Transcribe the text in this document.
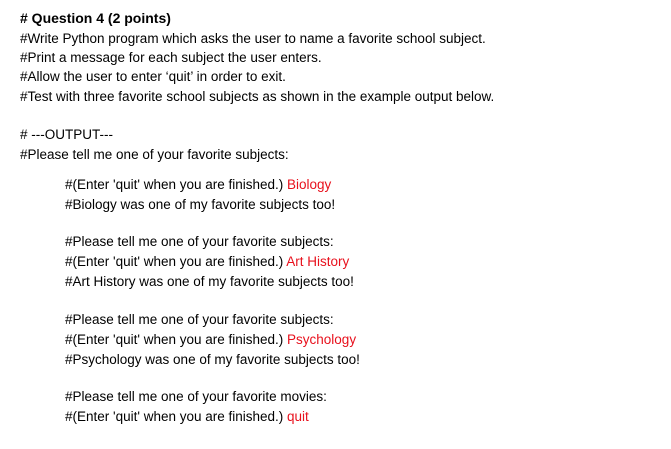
# Question 4 (2 points)
#Write Python program which asks the user to name a favorite school subject.
#Print a message for each subject the user enters.
#Allow the user to enter ‘quit’ in order to exit.
#Test with three favorite school subjects as shown in the example output below.
# ---OUTPUT---
#Please tell me one of your favorite subjects:
#(Enter 'quit' when you are finished.) Biology
#Biology was one of my favorite subjects too!
#Please tell me one of your favorite subjects:
#(Enter 'quit' when you are finished.) Art History
#Art History was one of my favorite subjects too!
#Please tell me one of your favorite subjects:
#(Enter 'quit' when you are finished.) Psychology
#Psychology was one of my favorite subjects too!
#Please tell me one of your favorite movies:
#(Enter 'quit' when you are finished.) quit
